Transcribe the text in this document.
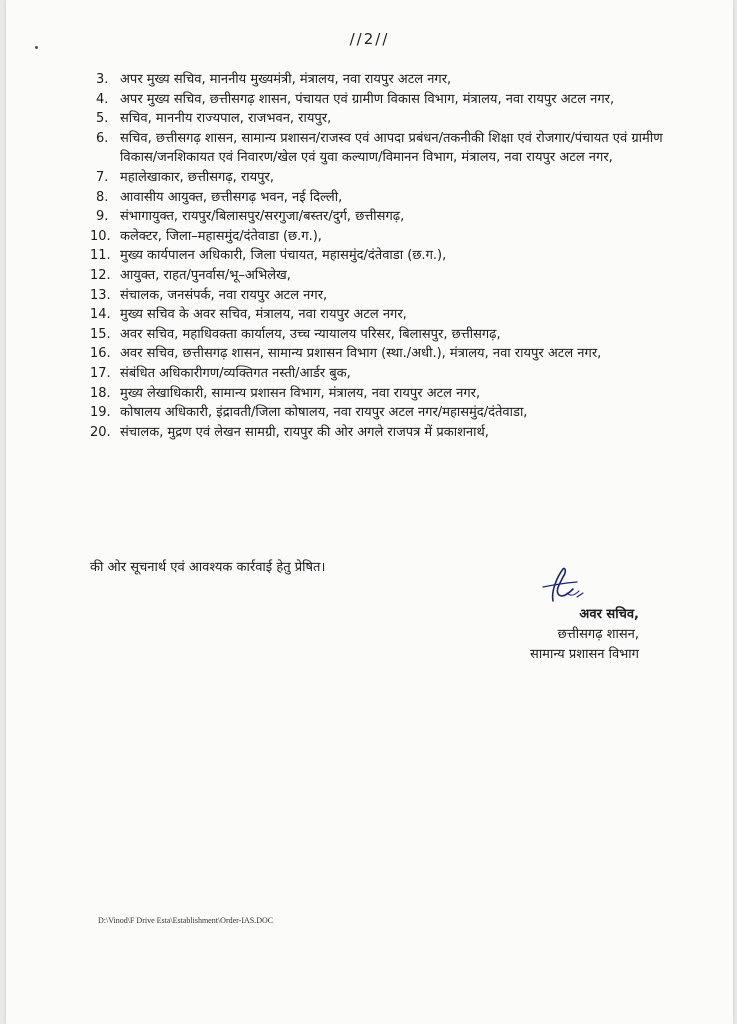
//2//
3. अपर मुख्य सचिव, माननीय मुख्यमंत्री, मंत्रालय, नवा रायपुर अटल नगर,
4. अपर मुख्य सचिव, छत्तीसगढ़ शासन, पंचायत एवं ग्रामीण विकास विभाग, मंत्रालय, नवा रायपुर अटल नगर,
5. सचिव, माननीय राज्यपाल, राजभवन, रायपुर,
6. सचिव, छत्तीसगढ़ शासन, सामान्य प्रशासन/राजस्व एवं आपदा प्रबंधन/तकनीकी शिक्षा एवं रोजगार/पंचायत एवं ग्रामीण विकास/जनशिकायत एवं निवारण/खेल एवं युवा कल्याण/विमानन विभाग, मंत्रालय, नवा रायपुर अटल नगर,
7. महालेखाकार, छत्तीसगढ़, रायपुर,
8. आवासीय आयुक्त, छत्तीसगढ़ भवन, नई दिल्ली,
9. संभागायुक्त, रायपुर/बिलासपुर/सरगुजा/बस्तर/दुर्ग, छत्तीसगढ़,
10. कलेक्टर, जिला–महासमुंद/दंतेवाडा (छ.ग.),
11. मुख्य कार्यपालन अधिकारी, जिला पंचायत, महासमुंद/दंतेवाडा (छ.ग.),
12. आयुक्त, राहत/पुनर्वास/भू–अभिलेख,
13. संचालक, जनसंपर्क, नवा रायपुर अटल नगर,
14. मुख्य सचिव के अवर सचिव, मंत्रालय, नवा रायपुर अटल नगर,
15. अवर सचिव, महाधिवक्ता कार्यालय, उच्च न्यायालय परिसर, बिलासपुर, छत्तीसगढ़,
16. अवर सचिव, छत्तीसगढ़ शासन, सामान्य प्रशासन विभाग (स्था./अधी.), मंत्रालय, नवा रायपुर अटल नगर,
17. संबंधित अधिकारीगण/व्यक्तिगत नस्ती/आर्डर बुक,
18. मुख्य लेखाधिकारी, सामान्य प्रशासन विभाग, मंत्रालय, नवा रायपुर अटल नगर,
19. कोषालय अधिकारी, इंद्रावती/जिला कोषालय, नवा रायपुर अटल नगर/महासमुंद/दंतेवाडा,
20. संचालक, मुद्रण एवं लेखन सामग्री, रायपुर की ओर अगले राजपत्र में प्रकाशनार्थ,
की ओर सूचनार्थ एवं आवश्यक कार्रवाई हेतु प्रेषित।
अवर सचिव,
छत्तीसगढ़ शासन,
सामान्य प्रशासन विभाग
D:\Vinod\F Drive Esta\Establishment\Order-IAS.DOC
